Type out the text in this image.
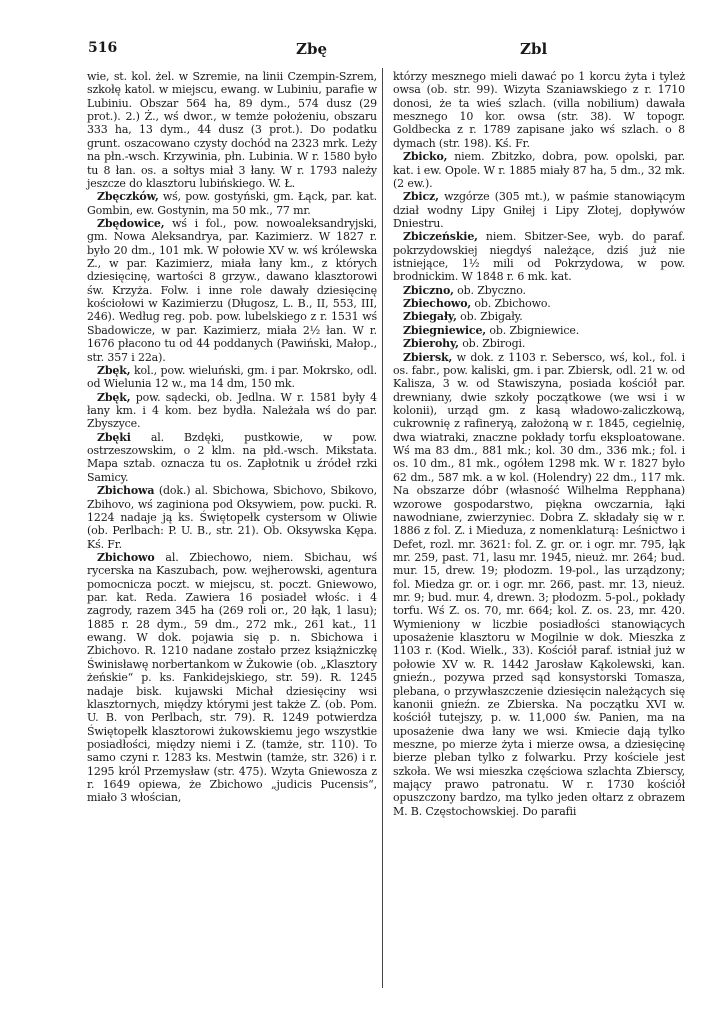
516	Zbę	Zbl

wie, st. kol. żel. w Szremie, na linii Czempin-Szrem, szkołę katol. w miejscu, ewang. w Lubiniu, parafie w Lubiniu. Obszar 564 ha, 89 dym., 574 dusz (29 prot.). 2.) Ż., wś dwor., w temże położeniu, obszaru 333 ha, 13 dym., 44 dusz (3 prot.). Do podatku grunt. oszacowano czysty dochód na 2323 mrk. Leży na płn.-wsch. Krzywinia, płn. Lubinia. W r. 1580 było tu 8 łan. os. a sołtys miał 3 łany. W r. 1793 należy jeszcze do klasztoru lubińskiego. W. Ł.

Zbęczków, wś, pow. gostyński, gm. Łąck, par. kat. Gombin, ew. Gostynin, ma 50 mk., 77 mr.

Zbędowice, wś i fol., pow. nowoaleksandryjski, gm. Nowa Aleksandrya, par. Kazimierz. W 1827 r. było 20 dm., 101 mk. W połowie XV w. wś królewska Z., w par. Kazimierz, miała łany km., z których dziesięcinę, wartości 8 grzyw., dawano klasztorowi św. Krzyża. Folw. i inne role dawały dziesięcinę kościołowi w Kazimierzu (Długosz, L. B., II, 553, III, 246). Według reg. pob. pow. lubelskiego z r. 1531 wś Sbadowicze, w par. Kazimierz, miała 2½ łan. W r. 1676 płacono tu od 44 poddanych (Pawiński, Małop., str. 357 i 22a).

Zbęk, kol., pow. wieluński, gm. i par. Mokrsko, odl. od Wielunia 12 w., ma 14 dm, 150 mk.

Zbęk, pow. sądecki, ob. Jedlna. W r. 1581 były 4 łany km. i 4 kom. bez bydła. Należała wś do par. Zbyszyce.

Zbęki al. Bzdęki, pustkowie, w pow. ostrzeszowskim, o 2 klm. na płd.-wsch. Mikstata. Mapa sztab. oznacza tu os. Zapłotnik u źródeł rzki Samicy.

Zbichowa (dok.) al. Sbichowa, Sbichovo, Sbikovo, Zbihovo, wś zaginiona pod Oksywiem, pow. pucki. R. 1224 nadaje ją ks. Świętopełk cystersom w Oliwie (ob. Perlbach: P. U. B., str. 21). Ob. Oksywska Kępa. Kś. Fr.

Zbichowo al. Zbiechowo, niem. Sbichau, wś rycerska na Kaszubach, pow. wejherowski, agentura pomocnicza poczt. w miejscu, st. poczt. Gniewowo, par. kat. Reda. Zawiera 16 posiadeł włośc. i 4 zagrody, razem 345 ha (269 roli or., 20 łąk, 1 lasu); 1885 r. 28 dym., 59 dm., 272 mk., 261 kat., 11 ewang. W dok. pojawia się p. n. Sbichowa i Zbichovo. R. 1210 nadane zostało przez książniczkę Świnisławę norbertankom w Żukowie (ob. „Klasztory żeńskie“ p. ks. Fankidejskiego, str. 59). R. 1245 nadaje bisk. kujawski Michał dziesięciny wsi klasztornych, między którymi jest także Z. (ob. Pom. U. B. von Perlbach, str. 79). R. 1249 potwierdza Świętopełk klasztorowi żukowskiemu jego wszystkie posiadłości, między niemi i Z. (tamże, str. 110). To samo czyni r. 1283 ks. Mestwin (tamże, str. 326) i r. 1295 król Przemysław (str. 475). Wzyta Gniewosza z r. 1649 opiewa, że Zbichowo „judicis Pucensis“, miało 3 włościan,

którzy mesznego mieli dawać po 1 korcu żyta i tyleż owsa (ob. str. 99). Wizyta Szaniawskiego z r. 1710 donosi, że ta wieś szlach. (villa nobilium) dawała mesznego 10 kor. owsa (str. 38). W topogr. Goldbecka z r. 1789 zapisane jako wś szlach. o 8 dymach (str. 198). Kś. Fr.

Zbicko, niem. Zbitzko, dobra, pow. opolski, par. kat. i ew. Opole. W r. 1885 miały 87 ha, 5 dm., 32 mk. (2 ew.).

Zbicz, wzgórze (305 mt.), w paśmie stanowiącym dział wodny Lipy Gniłej i Lipy Złotej, dopływów Dniestru.

Zbiczeńskie, niem. Sbitzer-See, wyb. do paraf. pokrzydowskiej niegdyś należące, dziś już nie istniejące, 1½ mili od Pokrzydowa, w pow. brodnickim. W 1848 r. 6 mk. kat.

Zbiczno, ob. Zbyczno.

Zbiechowo, ob. Zbichowo.

Zbiegały, ob. Zbigały.

Zbiegniewice, ob. Zbigniewice.

Zbierohy, ob. Zbirogi.

Zbiersk, w dok. z 1103 r. Sebersco, wś, kol., fol. i os. fabr., pow. kaliski, gm. i par. Zbiersk, odl. 21 w. od Kalisza, 3 w. od Stawiszyna, posiada kościół par. drewniany, dwie szkoły początkowe (we wsi i w kolonii), urząd gm. z kasą władowo-zaliczkową, cukrownię z rafineryą, założoną w r. 1845, cegielnię, dwa wiatraki, znaczne pokłady torfu eksploatowane. Wś ma 83 dm., 881 mk.; kol. 30 dm., 336 mk.; fol. i os. 10 dm., 81 mk., ogółem 1298 mk. W r. 1827 było 62 dm., 587 mk. a w kol. (Holendry) 22 dm., 117 mk. Na obszarze dóbr (własność Wilhelma Repphana) wzorowe gospodarstwo, piękna owczarnia, łąki nawodnianе, zwierzyniec. Dobra Z. składały się w r. 1886 z fol. Z. i Mieduza, z nomenklaturą: Leśnictwo i Defet, rozl. mr. 3621: fol. Z. gr. or. i ogr. mr. 795, łąk mr. 259, past. 71, lasu mr. 1945, nieuż. mr. 264; bud. mur. 15, drew. 19; płodozm. 19-pol., las urządzony; fol. Miedza gr. or. i ogr. mr. 266, past. mr. 13, nieuż. mr. 9; bud. mur. 4, drewn. 3; płodozm. 5-pol., pokłady torfu. Wś Z. os. 70, mr. 664; kol. Z. os. 23, mr. 420. Wymieniony w liczbie posiadłości stanowiących uposażenie klasztoru w Mogilnie w dok. Mieszka z 1103 r. (Kod. Wielk., 33). Kościół paraf. istniał już w połowie XV w. R. 1442 Jarosław Kąkolewski, kan. gnieźn., pozywa przed sąd konsystorski Tomasza, plebana, o przywłaszczenie dziesięcin należących się kanonii gnieźn. ze Zbierska. Na początku XVI w. kościół tutejszy, p. w. 11,000 św. Panien, ma na uposażenie dwa łany we wsi. Kmiecie dają tylko meszne, po mierze żyta i mierze owsa, a dziesięcinę bierze pleban tylko z folwarku. Przy kościele jest szkoła. We wsi mieszka częściowa szlachta Zbierscy, mający prawo patronatu. W r. 1730 kościół opuszczony bardzo, ma tylko jeden ołtarz z obrazem M. B. Częstochowskiej. Do parafii
